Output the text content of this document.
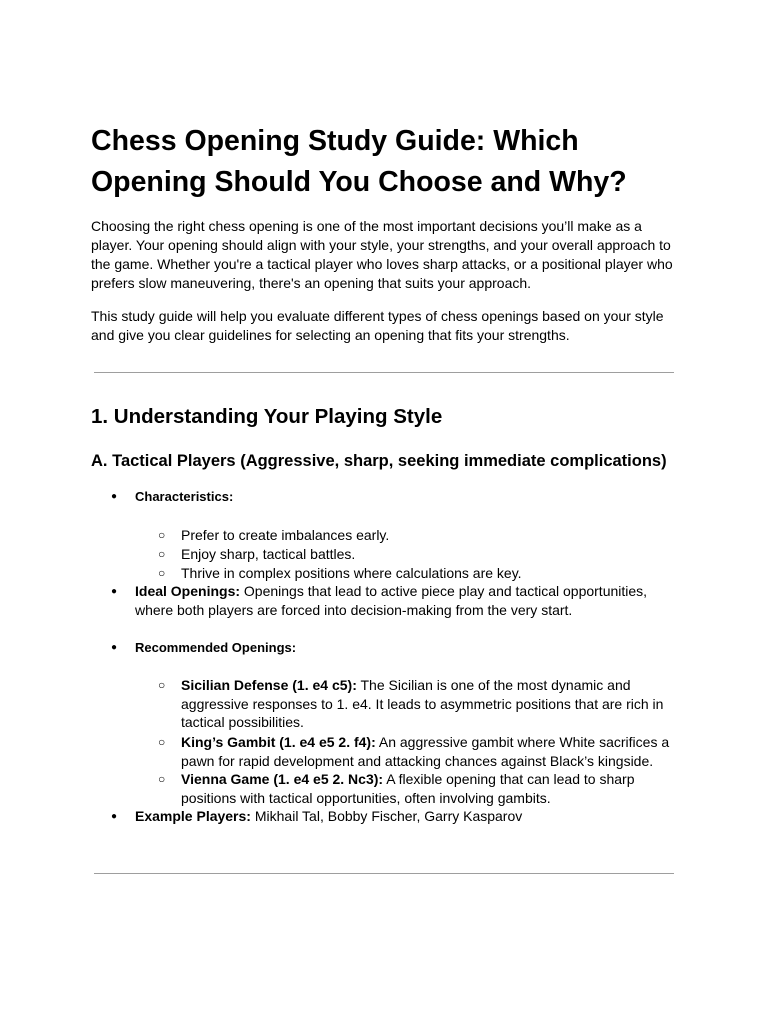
Chess Opening Study Guide: Which Opening Should You Choose and Why?

Choosing the right chess opening is one of the most important decisions you’ll make as a player. Your opening should align with your style, your strengths, and your overall approach to the game. Whether you're a tactical player who loves sharp attacks, or a positional player who prefers slow maneuvering, there's an opening that suits your approach.

This study guide will help you evaluate different types of chess openings based on your style and give you clear guidelines for selecting an opening that fits your strengths.

1. Understanding Your Playing Style
A. Tactical Players (Aggressive, sharp, seeking immediate complications)
● Characteristics:
○ Prefer to create imbalances early.
○ Enjoy sharp, tactical battles.
○ Thrive in complex positions where calculations are key.
● Ideal Openings: Openings that lead to active piece play and tactical opportunities, where both players are forced into decision-making from the very start.
● Recommended Openings:
○ Sicilian Defense (1. e4 c5): The Sicilian is one of the most dynamic and aggressive responses to 1. e4. It leads to asymmetric positions that are rich in tactical possibilities.
○ King’s Gambit (1. e4 e5 2. f4): An aggressive gambit where White sacrifices a pawn for rapid development and attacking chances against Black’s kingside.
○ Vienna Game (1. e4 e5 2. Nc3): A flexible opening that can lead to sharp positions with tactical opportunities, often involving gambits.
● Example Players: Mikhail Tal, Bobby Fischer, Garry Kasparov
